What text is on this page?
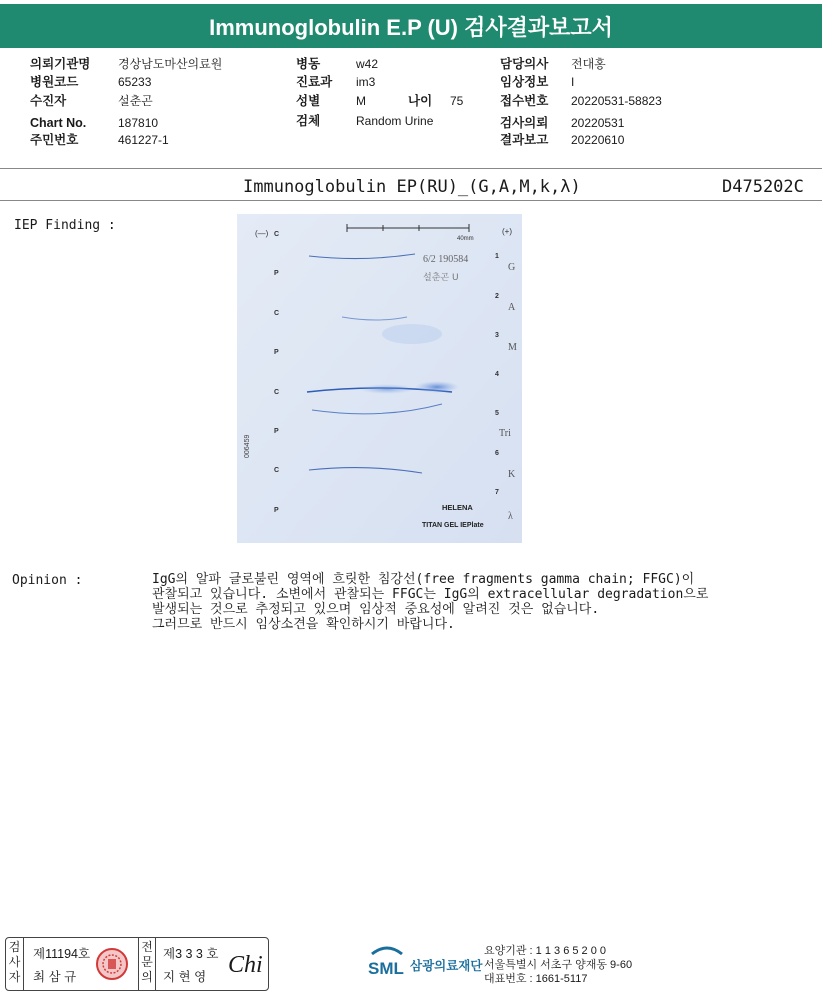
Immunoglobulin E.P (U) 검사결과보고서
의뢰기관명 경상남도마산의료원
병원코드	65233
수진자	설춘곤
Chart No.	187810
주민번호	461227-1
병동	w42
진료과 im3
성별	M	나이 75
검체	Random Urine
담당의사 전대홍
임상정보 I
접수번호 20220531-58823
검사의뢰 20220531
결과보고 20220610
Immunoglobulin EP(RU)_(G,A,M,k,λ)	D475202C
IEP Finding :
(—)	(+)
40mm
C
P
C
P
C
P
C
P
1
G
2
A
3
M
4
5
Tri
6
K
7
λ
6/2 190584
설춘곤 U
006459
HELENA
TITAN GEL IEPlate
Opinion :	IgG의 알파 글로불린 영역에 흐릿한 침강선(free fragments gamma chain; FFGC)이
관찰되고 있습니다. 소변에서 관찰되는 FFGC는 IgG의 extracellular degradation으로
발생되는 것으로 추정되고 있으며 임상적 중요성에 알려진 것은 없습니다.
그러므로 반드시 임상소견을 확인하시기 바랍니다.
검
사
자
제11194호
최 삼 규
전
문
의
제3 3 3 호
지 현 영 Chi	SML 삼광의료재단
요양기관 : 1 1 3 6 5 2 0 0
서울특별시 서초구 양재동 9-60
대표번호 : 1661-5117
